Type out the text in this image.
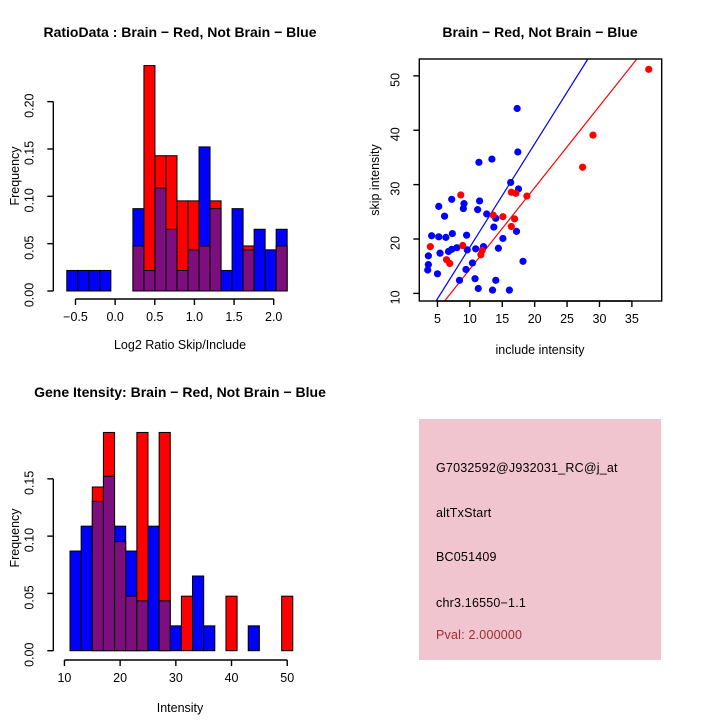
−0.5 0.0 0.5 1.0 1.5 2.0
0.00
0.05
0.10
0.15
0.20
RatioData : Brain − Red, Not Brain − Blue
Frequency
Log2 Ratio Skip/Include
5 10 15 20 25 30 35
10
20
30
40
50
Brain − Red, Not Brain − Blue
skip intensity
include intensity
10	20	30	40	50
0.00
0.05
0.10
0.15
Gene Itensity: Brain − Red, Not Brain − Blue
Frequency
Intensity
G7032592@J932031_RC@j_at
altTxStart
BC051409
chr3.16550−1.1
Pval: 2.000000
